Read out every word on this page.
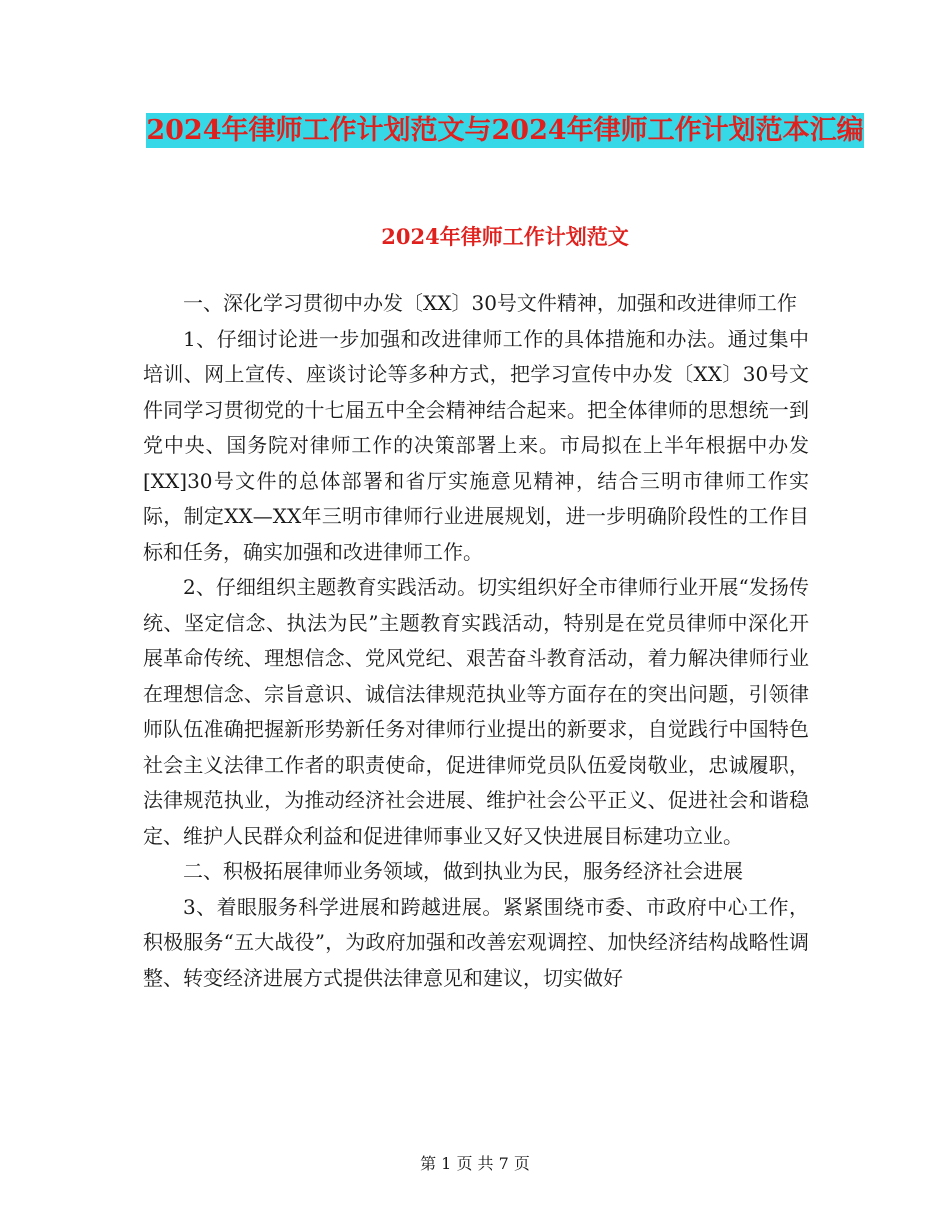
2024年律师工作计划范文与2024年律师工作计划范本汇编
2024年律师工作计划范文

一、深化学习贯彻中办发〔XX〕30号文件精神，加强和改进律师工作

1、仔细讨论进一步加强和改进律师工作的具体措施和办法。通过集中培训、网上宣传、座谈讨论等多种方式，把学习宣传中办发〔XX〕30号文件同学习贯彻党的十七届五中全会精神结合起来。把全体律师的思想统一到党中央、国务院对律师工作的决策部署上来。市局拟在上半年根据中办发[XX]30号文件的总体部署和省厅实施意见精神，结合三明市律师工作实际，制定XX—XX年三明市律师行业进展规划，进一步明确阶段性的工作目标和任务，确实加强和改进律师工作。

2、仔细组织主题教育实践活动。切实组织好全市律师行业开展“发扬传统、坚定信念、执法为民”主题教育实践活动，特别是在党员律师中深化开展革命传统、理想信念、党风党纪、艰苦奋斗教育活动，着力解决律师行业在理想信念、宗旨意识、诚信法律规范执业等方面存在的突出问题，引领律师队伍准确把握新形势新任务对律师行业提出的新要求，自觉践行中国特色社会主义法律工作者的职责使命，促进律师党员队伍爱岗敬业，忠诚履职，法律规范执业，为推动经济社会进展、维护社会公平正义、促进社会和谐稳定、维护人民群众利益和促进律师事业又好又快进展目标建功立业。

二、积极拓展律师业务领域，做到执业为民，服务经济社会进展

3、着眼服务科学进展和跨越进展。紧紧围绕市委、市政府中心工作，积极服务“五大战役”，为政府加强和改善宏观调控、加快经济结构战略性调整、转变经济进展方式提供法律意见和建议，切实做好

第 1 页 共 7 页
